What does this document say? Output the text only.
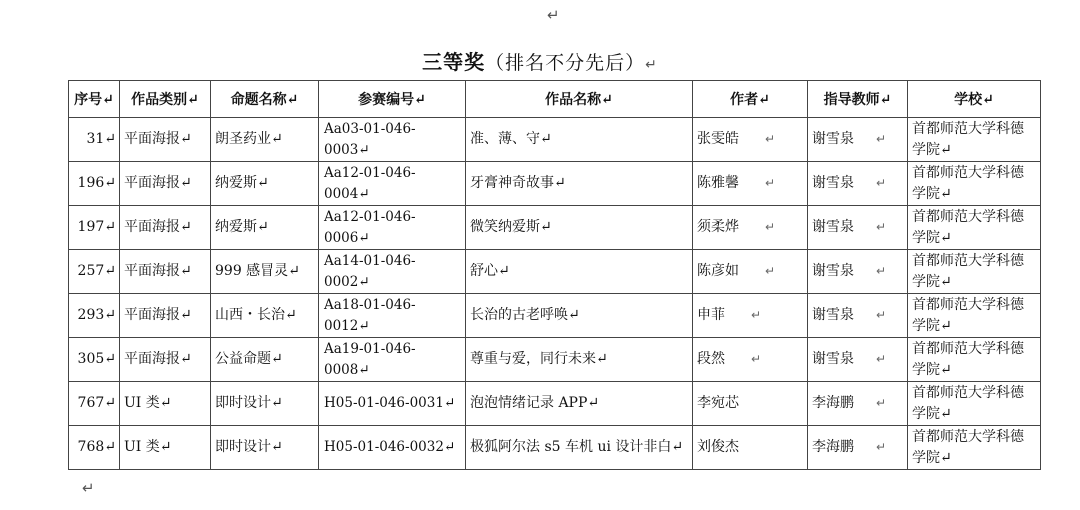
↵
三等奖（排名不分先后）↵
序号↵	作品类别↵	命题名称↵	参赛编号↵	作品名称↵	作者↵	指导教师↵	学校↵
31↵	平面海报↵	朗圣药业↵	Aa03-01-046-0003↵	准、薄、守↵	张雯皓 ↵	谢雪泉 ↵	首都师范大学科德学院↵
196↵	平面海报↵	纳爱斯↵	Aa12-01-046-0004↵	牙膏神奇故事↵	陈雅馨 ↵	谢雪泉 ↵	首都师范大学科德学院↵
197↵	平面海报↵	纳爱斯↵	Aa12-01-046-0006↵	微笑纳爱斯↵	须柔烨 ↵	谢雪泉 ↵	首都师范大学科德学院↵
257↵	平面海报↵	999 感冒灵↵	Aa14-01-046-0002↵	舒心↵	陈彦如 ↵	谢雪泉 ↵	首都师范大学科德学院↵
293↵	平面海报↵	山西・长治↵	Aa18-01-046-0012↵	长治的古老呼唤↵	申菲 ↵	谢雪泉 ↵	首都师范大学科德学院↵
305↵	平面海报↵	公益命题↵	Aa19-01-046-0008↵	尊重与爱，同行未来↵	段然 ↵	谢雪泉 ↵	首都师范大学科德学院↵
767↵	UI 类↵	即时设计↵	H05-01-046-0031↵	泡泡情绪记录 APP↵	李宛芯	李海鹏 ↵	首都师范大学科德学院↵
768↵	UI 类↵	即时设计↵	H05-01-046-0032↵	极狐阿尔法 s5 车机 ui 设计非白↵	刘俊杰	李海鹏 ↵	首都师范大学科德学院↵
↵
